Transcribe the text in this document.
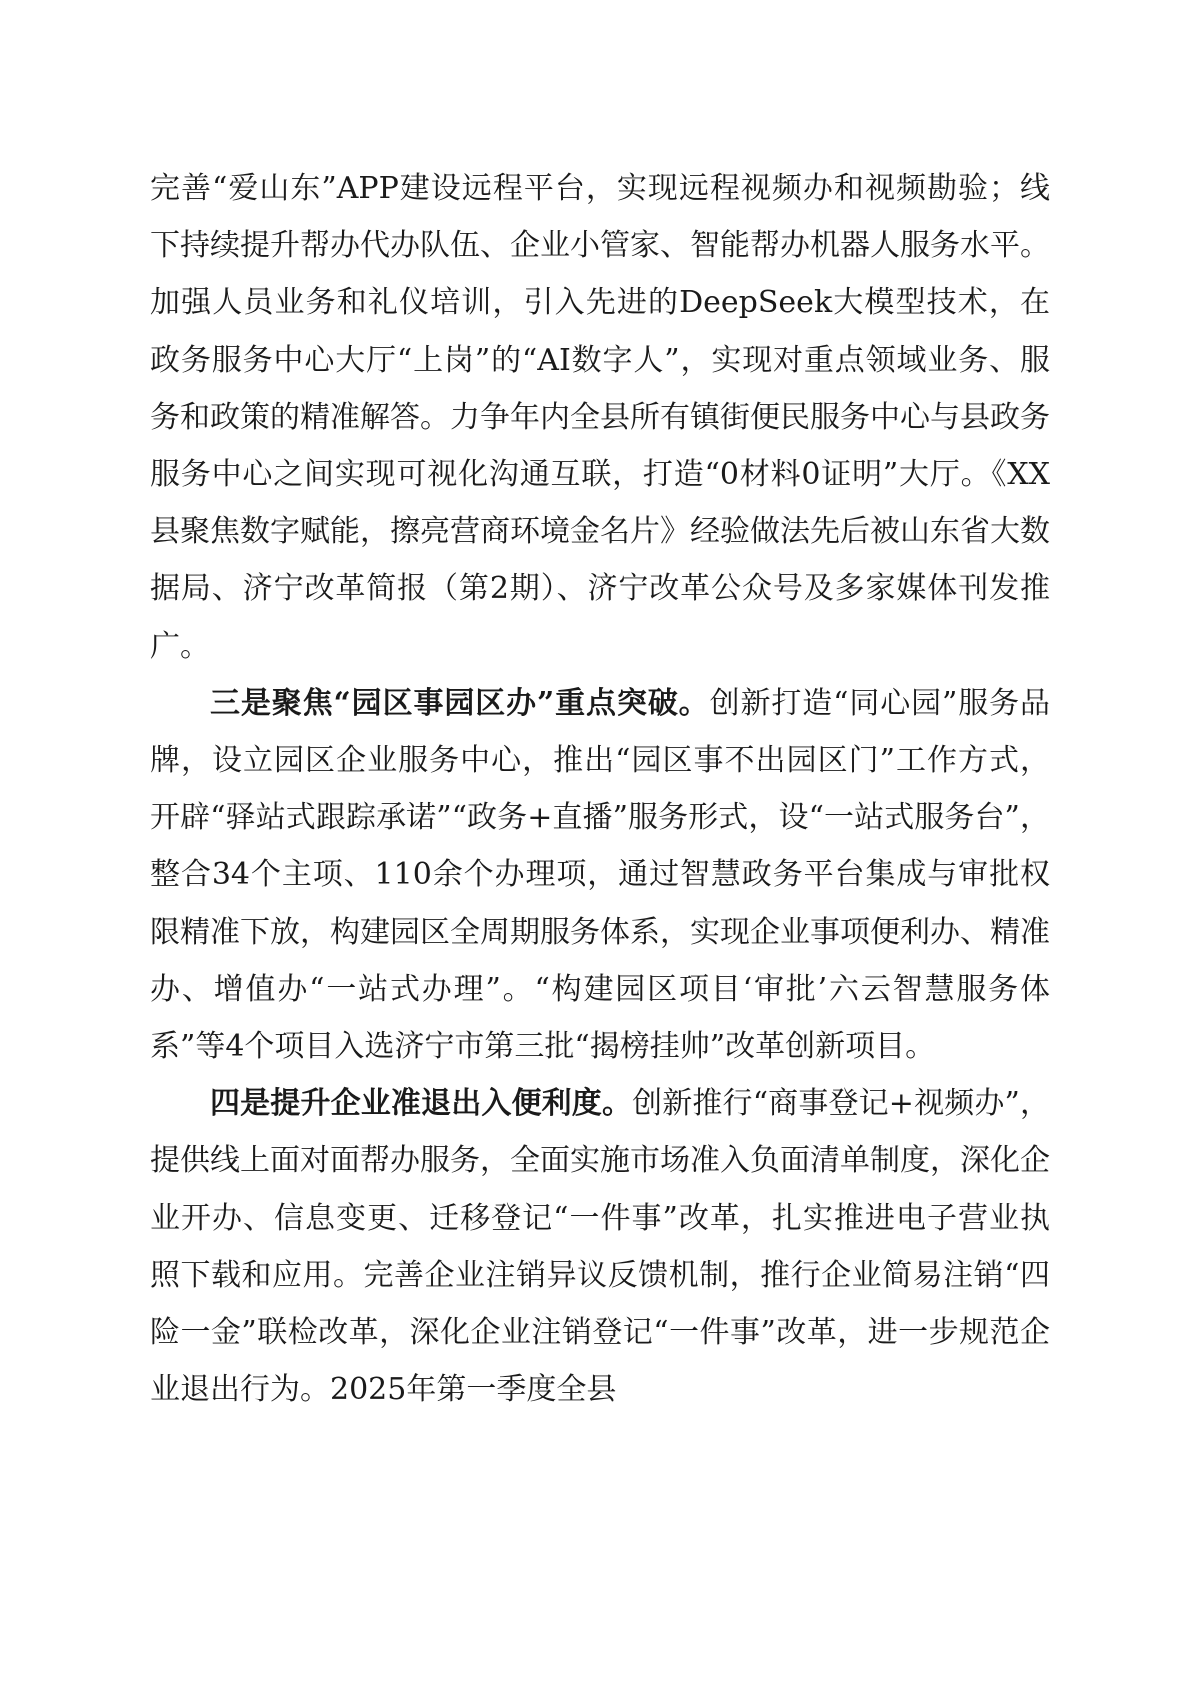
完善“爱山东”APP建设远程平台，实现远程视频办和视频勘验；线下持续提升帮办代办队伍、企业小管家、智能帮办机器人服务水平。加强人员业务和礼仪培训，引入先进的DeepSeek大模型技术，在政务服务中心大厅“上岗”的“AI数字人”，实现对重点领域业务、服务和政策的精准解答。力争年内全县所有镇街便民服务中心与县政务服务中心之间实现可视化沟通互联，打造“0材料0证明”大厅。《XX县聚焦数字赋能，擦亮营商环境金名片》经验做法先后被山东省大数据局、济宁改革简报（第2期）、济宁改革公众号及多家媒体刊发推广。

三是聚焦“园区事园区办”重点突破。创新打造“同心园”服务品牌，设立园区企业服务中心，推出“园区事不出园区门”工作方式，开辟“驿站式跟踪承诺”“政务+直播”服务形式，设“一站式服务台”，整合34个主项、110余个办理项，通过智慧政务平台集成与审批权限精准下放，构建园区全周期服务体系，实现企业事项便利办、精准办、增值办“一站式办理”。“构建园区项目‘审批’六云智慧服务体系”等4个项目入选济宁市第三批“揭榜挂帅”改革创新项目。

四是提升企业准退出入便利度。创新推行“商事登记+视频办”，提供线上面对面帮办服务，全面实施市场准入负面清单制度，深化企业开办、信息变更、迁移登记“一件事”改革，扎实推进电子营业执照下载和应用。完善企业注销异议反馈机制，推行企业简易注销“四险一金”联检改革，深化企业注销登记“一件事”改革，进一步规范企业退出行为。2025年第一季度全县
